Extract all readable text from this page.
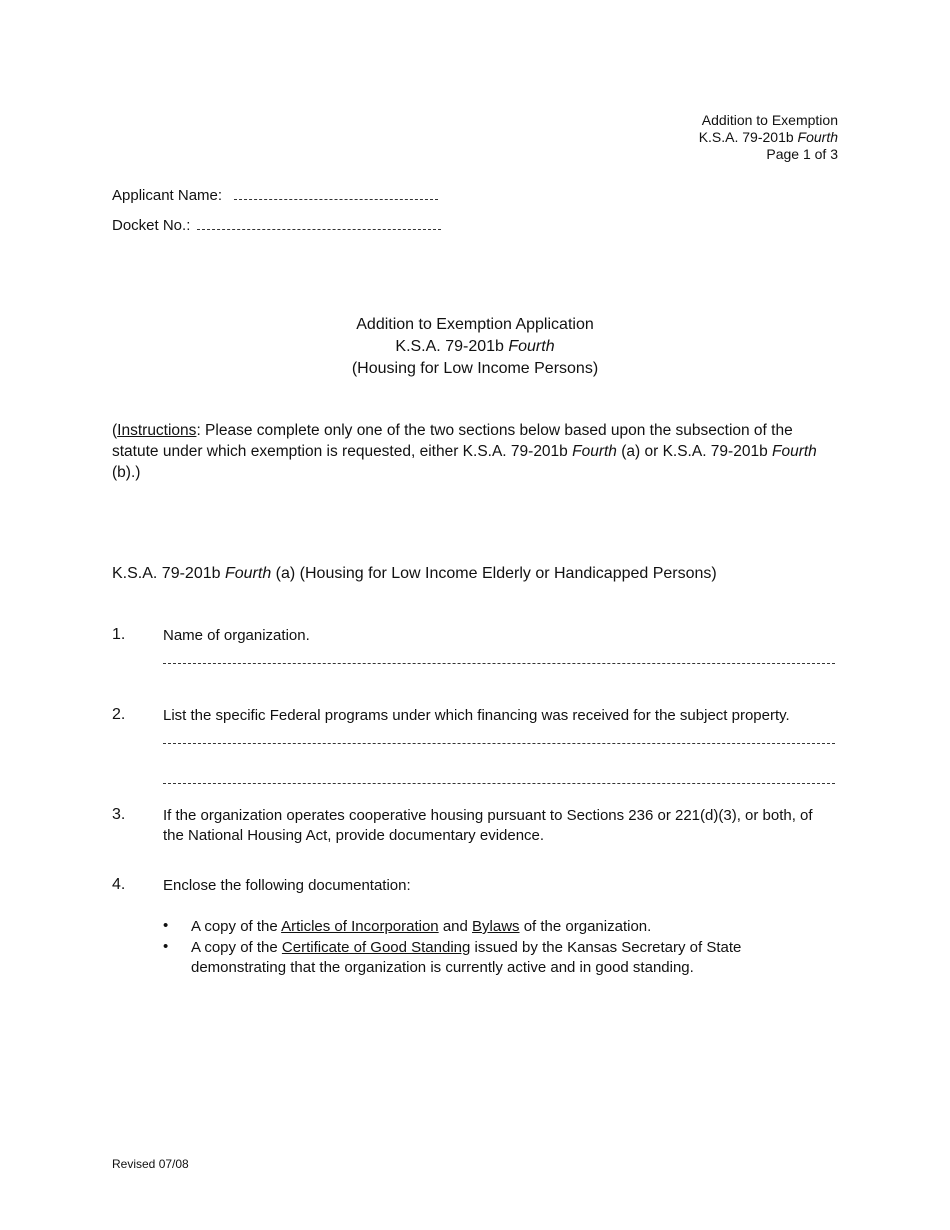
Addition to Exemption
K.S.A. 79-201b Fourth
Page 1 of 3
Applicant Name:
Docket No.:
Addition to Exemption Application
K.S.A. 79-201b Fourth
(Housing for Low Income Persons)
(Instructions: Please complete only one of the two sections below based upon the subsection of the statute under which exemption is requested, either K.S.A. 79-201b Fourth (a) or K.S.A. 79-201b Fourth (b).)
K.S.A. 79-201b Fourth (a) (Housing for Low Income Elderly or Handicapped Persons)
1.	Name of organization.
2.	List the specific Federal programs under which financing was received for the subject property.
3.	If the organization operates cooperative housing pursuant to Sections 236 or 221(d)(3), or both, of the National Housing Act, provide documentary evidence.
4.	Enclose the following documentation:
• A copy of the Articles of Incorporation and Bylaws of the organization.
• A copy of the Certificate of Good Standing issued by the Kansas Secretary of State demonstrating that the organization is currently active and in good standing.
Revised 07/08
